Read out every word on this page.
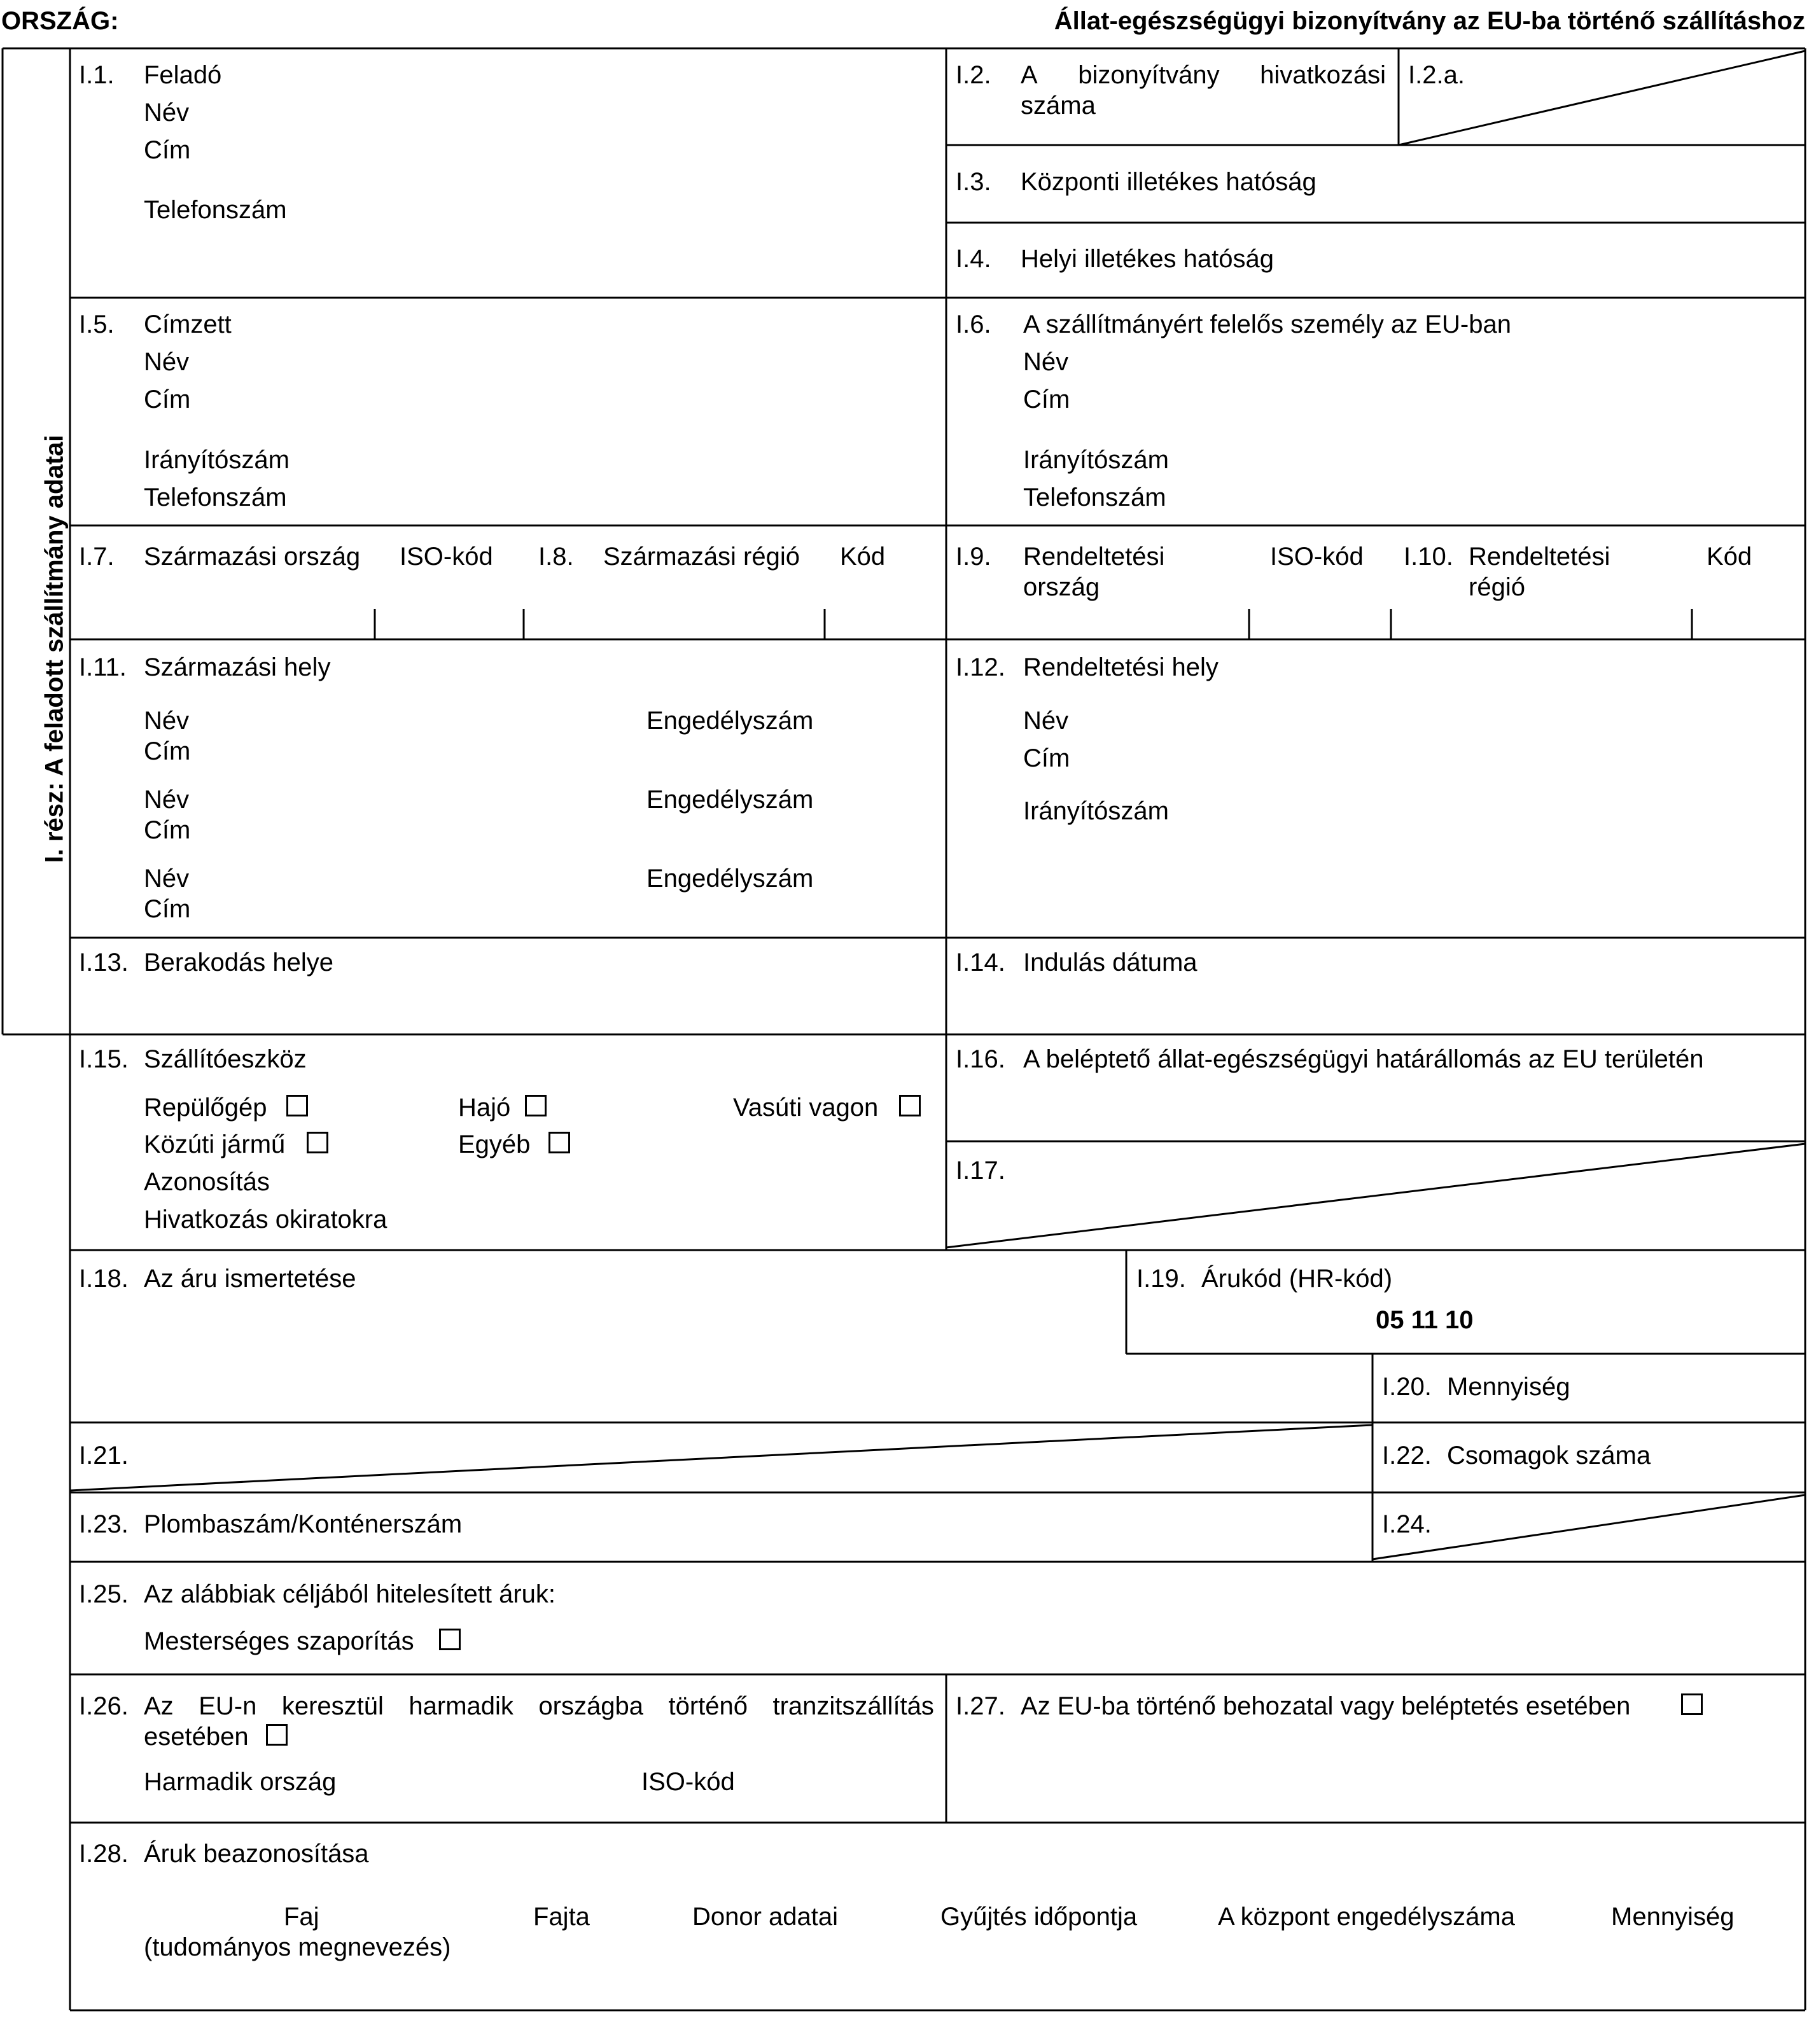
ORSZÁG:	Állat-egészségügyi bizonyítvány az EU-ba történő szállításhoz
I. rész: A feladott szállítmány adatai
I.1. Feladó
Név
Cím
Telefonszám
I.2. A bizonyítvány hivatkozási
száma
I.2.a.
I.3. Központi illetékes hatóság
I.4. Helyi illetékes hatóság
I.5. Címzett
Név
Cím
Irányítószám
Telefonszám
I.6. A szállítmányért felelős személy az EU-ban
Név
Cím
Irányítószám
Telefonszám
I.7. Származási ország ISO-kód I.8. Származási régió Kód	I.9. Rendeltetési
ország
ISO-kód I.10. Rendeltetési
régió
Kód
I.11. Származási hely
Név	Engedélyszám
Cím
Név	Engedélyszám
Cím
Név	Engedélyszám
Cím
I.12. Rendeltetési hely
Név
Cím
Irányítószám
I.13. Berakodás helye	I.14. Indulás dátuma
I.15. Szállítóeszköz
Repülőgép	Hajó	Vasúti vagon
Közúti jármű	Egyéb
Azonosítás
Hivatkozás okiratokra
I.16. A beléptető állat-egészségügyi határállomás az EU területén
I.17.
I.18. Az áru ismertetése	I.19. Árukód (HR-kód)
05 11 10
I.20. Mennyiség
I.21.	I.22. Csomagok száma
I.23. Plombaszám/Konténerszám	I.24.
I.25. Az alábbiak céljából hitelesített áruk:
Mesterséges szaporítás
I.26. Az EU-n keresztül harmadik országba történő tranzitszállítás
esetében
Harmadik ország	ISO-kód
I.27. Az EU-ba történő behozatal vagy beléptetés esetében
I.28. Áruk beazonosítása
Faj
(tudományos megnevezés)
Fajta	Donor adatai	Gyűjtés időpontja	A központ engedélyszáma	Mennyiség
